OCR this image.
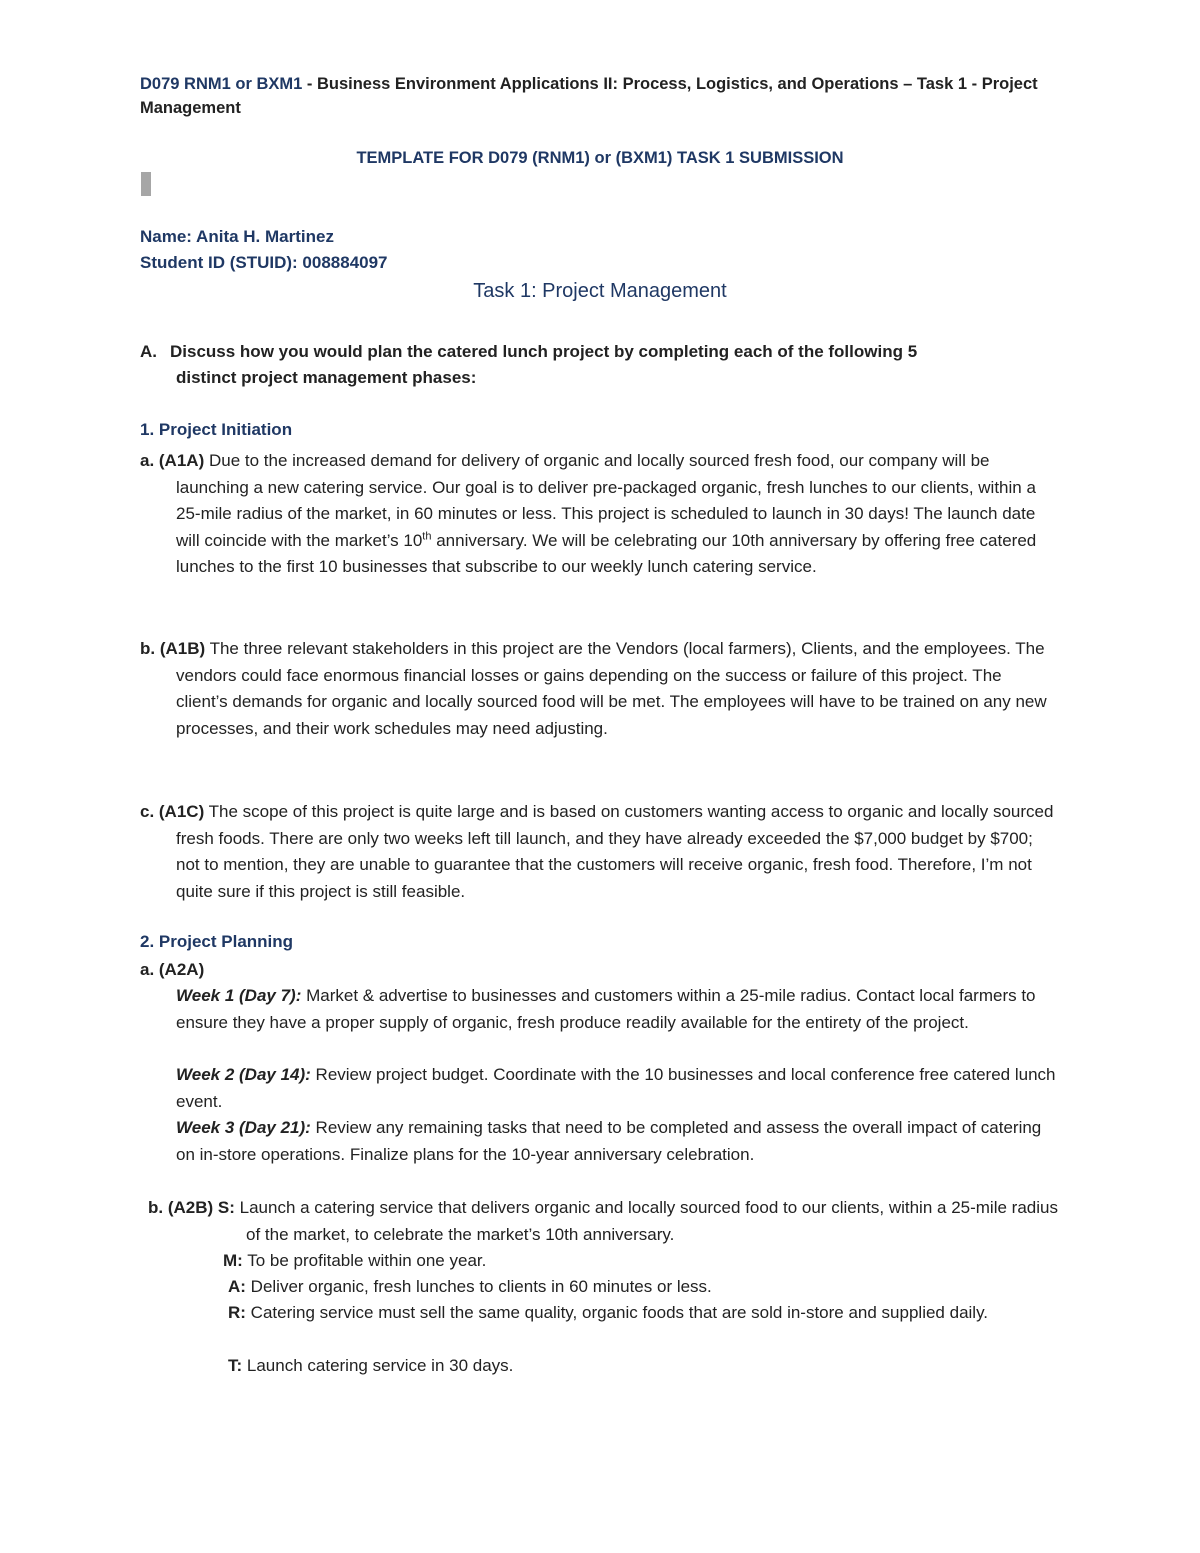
D079 RNM1 or BXM1 - Business Environment Applications II: Process, Logistics, and Operations – Task 1 - Project Management
TEMPLATE FOR D079 (RNM1) or (BXM1) TASK 1 SUBMISSION
Name: Anita H. Martinez
Student ID (STUID): 008884097
Task 1: Project Management
A. Discuss how you would plan the catered lunch project by completing each of the following 5
distinct project management phases:
1. Project Initiation
a. (A1A) Due to the increased demand for delivery of organic and locally sourced fresh food, our company will be launching a new catering service. Our goal is to deliver pre-packaged organic, fresh lunches to our clients, within a 25-mile radius of the market, in 60 minutes or less. This project is scheduled to launch in 30 days! The launch date will coincide with the market’s 10th anniversary. We will be celebrating our 10th anniversary by offering free catered lunches to the first 10 businesses that subscribe to our weekly lunch catering service.
b. (A1B) The three relevant stakeholders in this project are the Vendors (local farmers), Clients, and the employees. The vendors could face enormous financial losses or gains depending on the success or failure of this project. The client’s demands for organic and locally sourced food will be met. The employees will have to be trained on any new processes, and their work schedules may need adjusting.
c. (A1C) The scope of this project is quite large and is based on customers wanting access to organic and locally sourced fresh foods. There are only two weeks left till launch, and they have already exceeded the $7,000 budget by $700; not to mention, they are unable to guarantee that the customers will receive organic, fresh food. Therefore, I’m not quite sure if this project is still feasible.
2. Project Planning
a. (A2A)
Week 1 (Day 7): Market & advertise to businesses and customers within a 25-mile radius. Contact local farmers to ensure they have a proper supply of organic, fresh produce readily available for the entirety of the project.
Week 2 (Day 14): Review project budget. Coordinate with the 10 businesses and local conference free catered lunch event.
Week 3 (Day 21): Review any remaining tasks that need to be completed and assess the overall impact of catering on in-store operations. Finalize plans for the 10-year anniversary celebration.
b. (A2B) S: Launch a catering service that delivers organic and locally sourced food to our clients, within a 25-mile radius of the market, to celebrate the market’s 10th anniversary.
M: To be profitable within one year.
A: Deliver organic, fresh lunches to clients in 60 minutes or less.
R: Catering service must sell the same quality, organic foods that are sold in-store and supplied daily.
T: Launch catering service in 30 days.
